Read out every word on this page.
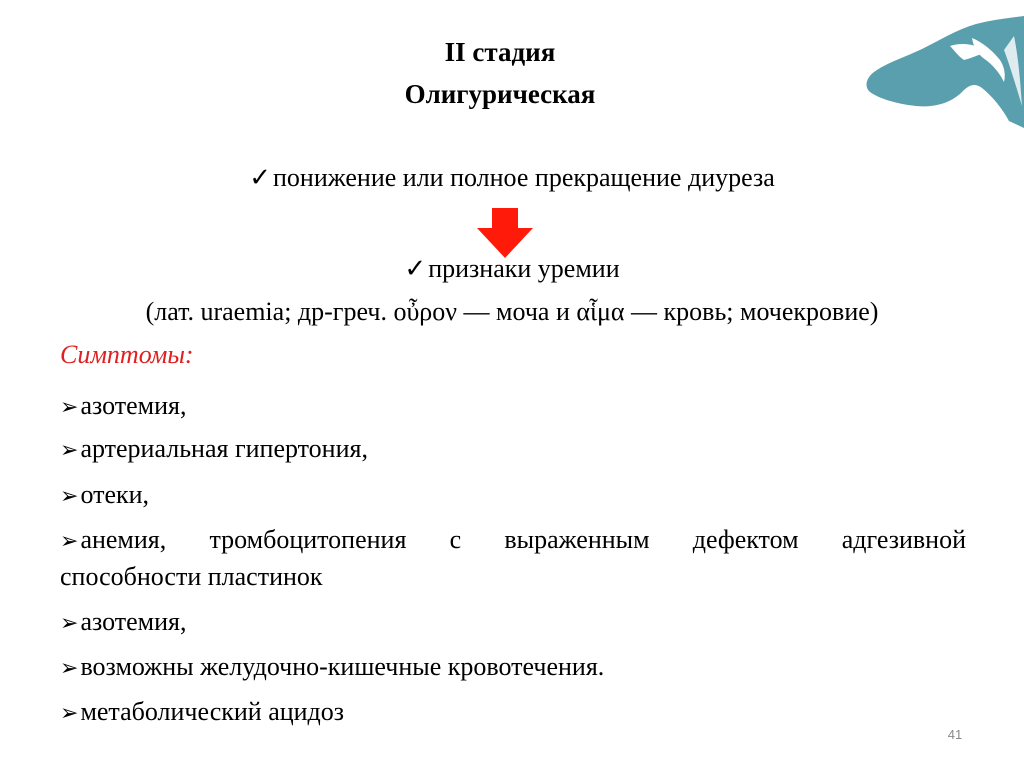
II стадия
Олигурическая
✓понижение или полное прекращение диуреза
✓признаки уремии
(лат. uraemia; др-греч. οὖρον — моча и αἷμα — кровь; мочекровие)
Симптомы:
➢азотемия,
➢артериальная гипертония,
➢отеки,
➢анемия, тромбоцитопения с выраженным дефектом адгезивной
способности пластинок
➢азотемия,
➢возможны желудочно-кишечные кровотечения.
➢метаболический ацидоз
41
